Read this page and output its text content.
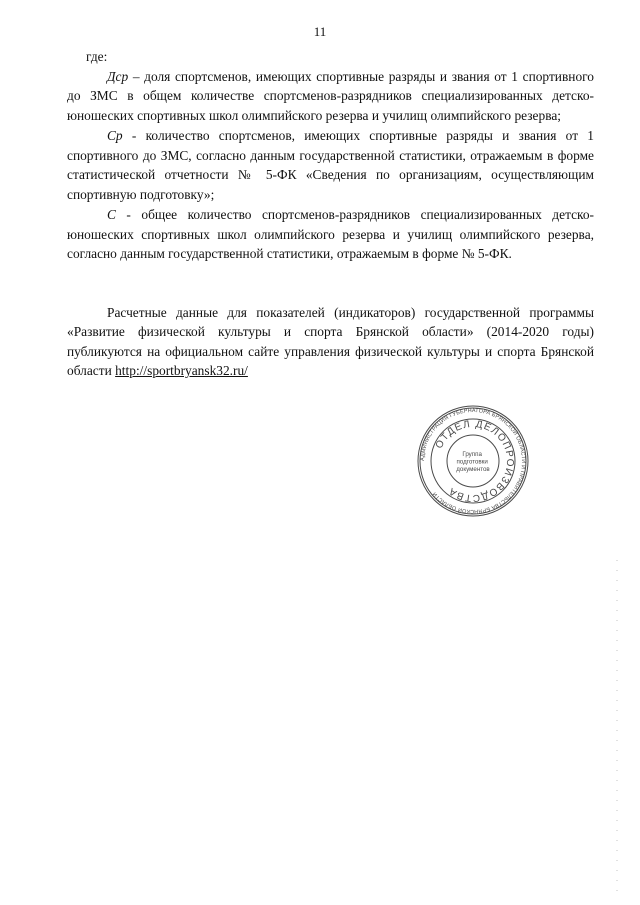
11
где:

Дср – доля спортсменов, имеющих спортивные разряды и звания от 1 спортивного до ЗМС в общем количестве спортсменов-разрядников специализированных детско-юношеских спортивных школ олимпийского резерва и училищ олимпийского резерва;

Ср - количество спортсменов, имеющих спортивные разряды и звания от 1 спортивного до ЗМС, согласно данным государственной статистики, отражаемым в форме статистической отчетности № 5-ФК «Сведения по организациям, осуществляющим спортивную подготовку»;

С - общее количество спортсменов-разрядников специализированных детско-юношеских спортивных школ олимпийского резерва и училищ олимпийского резерва, согласно данным государственной статистики, отражаемым в форме № 5-ФК.

Расчетные данные для показателей (индикаторов) государственной программы «Развитие физической культуры и спорта Брянской области» (2014-2020 годы) публикуются на официальном сайте управления физической культуры и спорта Брянской области http://sportbryansk32.ru/

АДМИНИСТРАЦИЯ ГУБЕРНАТОРА БРЯНСКОЙ ОБЛАСТИ И ПРАВИТЕЛЬСТВА БРЯНСКОЙ ОБЛАСТИ
ОТДЕЛ ДЕЛОПРОИЗВОДСТВА
Группа подготовки документов
